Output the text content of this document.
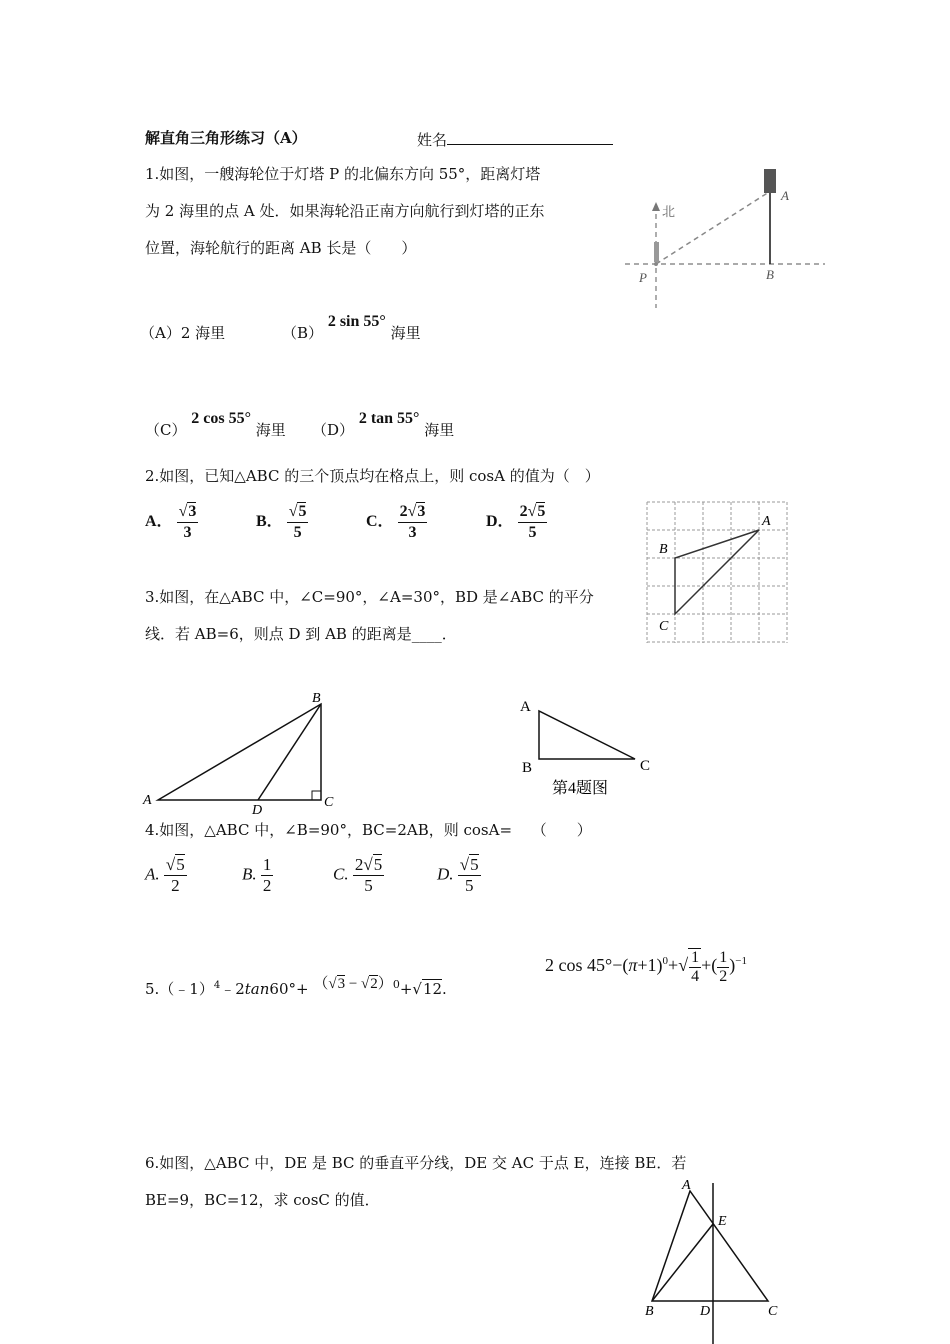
解直角三角形练习（A）	姓名
1.如图，一艘海轮位于灯塔 P 的北偏东方向 55°，距离灯塔
为 2 海里的点 A 处．如果海轮沿正南方向航行到灯塔的正东
位置，海轮航行的距离 AB 长是（　　）
（A）2 海里	（B） 2 sin 55° 海里
（C） 2 cos 55° 海里 （D） 2 tan 55° 海里
北
A
B
P
2.如图，已知△ABC 的三个顶点均在格点上，则 cosA 的值为（　）
A． $\frac{√3}{3}$	B． $\frac{√5}{5}$	C． $\frac{2√3}{3}$	D． $\frac{2√5}{5}$	A
B
C
3.如图，在△ABC 中，∠C=90°，∠A=30°，BD 是∠ABC 的平分
线．若 AB=6，则点 D 到 AB 的距离是____．
A
B
C
D
A
B	C
第4题图
4.如图，△ABC 中，∠B=90°，BC=2AB，则 cosA=　 （　　）
A. $\frac{√5}{2}$	B. $\frac{1}{2}$	C. $\frac{2√5}{5}$	D. $\frac{√5}{5}$
5.（﹣1）$^4$﹣2tan60°+ $(√3 - √2)^0+√12$.
2 $\cos 45^\circ-(\pi+1)^0+√ \frac{1}{4}$ +( $\frac{1}{2} )^{-1}$
6.如图，△ABC 中，DE 是 BC 的垂直平分线，DE 交 AC 于点 E，连接 BE．若
BE=9，BC=12，求 cosC 的值．
A
B	C
D
E
